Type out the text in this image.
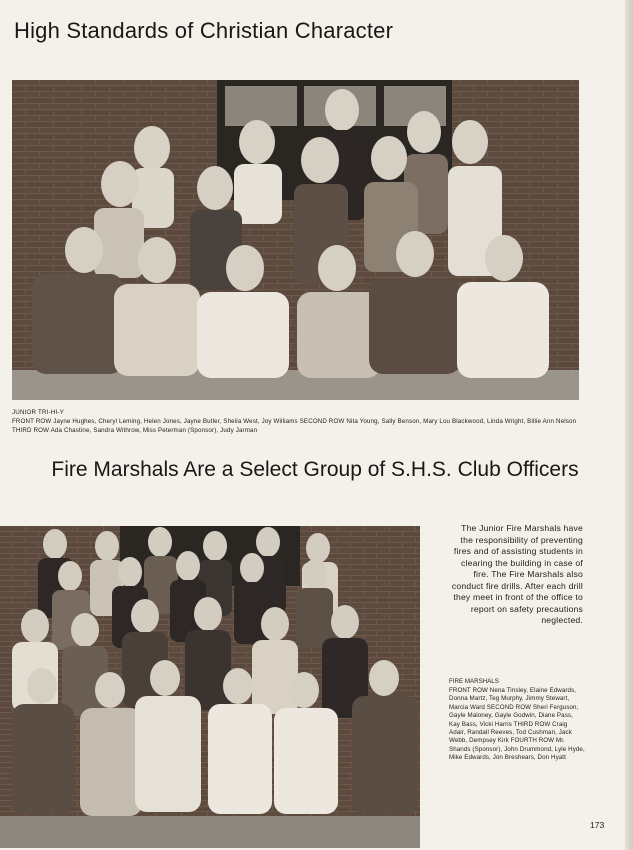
High Standards of Christian Character
JUNIOR TRI-HI-Y
FRONT ROW Jayne Hughes, Cheryl Leming, Helen Jones, Jayne Butler, Sheila West, Joy Williams SECOND ROW Nita Young, Sally Benson, Mary Lou Blackwood, Linda Wright, Billie Ann Nelson THIRD ROW Ada Chastine, Sandra Withrow, Miss Peterman (Sponsor), Judy Jarman
Fire Marshals Are a Select Group of S.H.S. Club Officers
The Junior Fire Marshals have the responsibility of preventing fires and of assisting students in clearing the building in case of fire. The Fire Marshals also conduct fire drills. After each drill they meet in front of the office to report on safety precautions neglected.
FIRE MARSHALS
FRONT ROW Nena Tinsley, Elaine Edwards, Donna Martz, Teg Murphy, Jimmy Stewart, Marcia Ward SECOND ROW Sheri Ferguson, Gayle Maloney, Gayle Godwin, Diane Pass, Kay Bass, Vicki Harris THIRD ROW Craig Adair, Randall Reeves, Tod Cushman, Jack Webb, Dempsey Kirk FOURTH ROW Mr. Shands (Sponsor), John Drummond, Lyle Hyde, Mike Edwards, Jon Breshears, Don Hyatt
173
